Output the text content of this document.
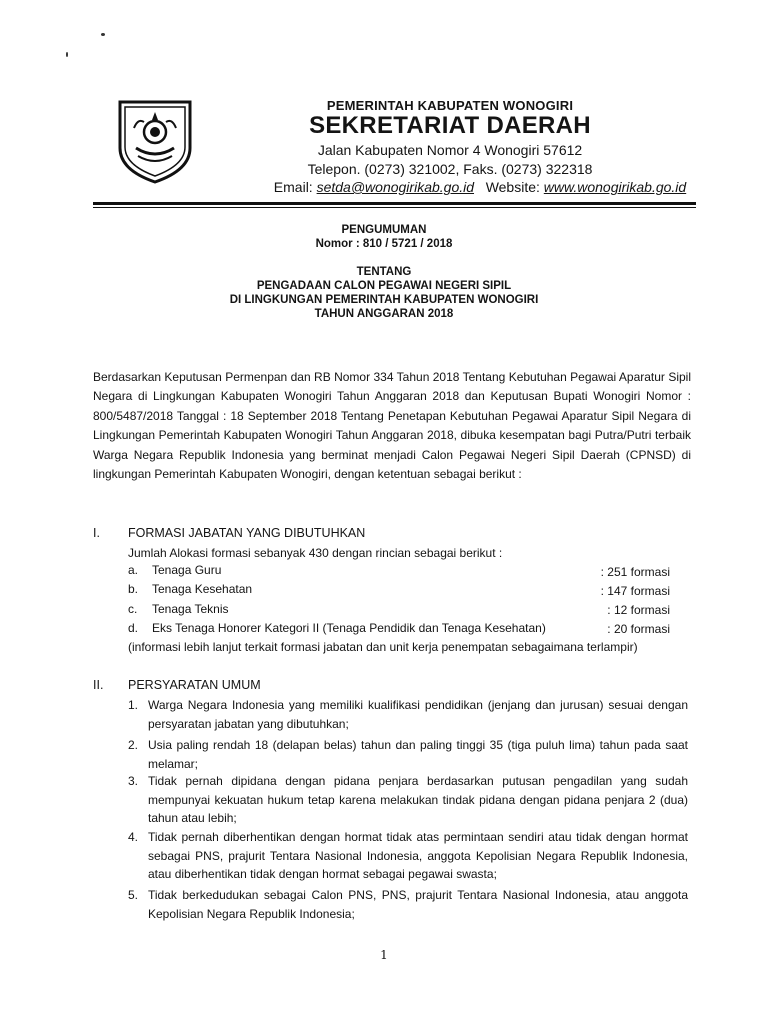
PEMERINTAH KABUPATEN WONOGIRI
SEKRETARIAT DAERAH
Jalan Kabupaten Nomor 4 Wonogiri 57612
Telepon. (0273) 321002, Faks. (0273) 322318
Email: setda@wonogirikab.go.id Website: www.wonogirikab.go.id
PENGUMUMAN
Nomor : 810 / 5721 / 2018
TENTANG
PENGADAAN CALON PEGAWAI NEGERI SIPIL
DI LINGKUNGAN PEMERINTAH KABUPATEN WONOGIRI
TAHUN ANGGARAN 2018
Berdasarkan Keputusan Permenpan dan RB Nomor 334 Tahun 2018 Tentang Kebutuhan Pegawai Aparatur Sipil Negara di Lingkungan Kabupaten Wonogiri Tahun Anggaran 2018 dan Keputusan Bupati Wonogiri Nomor : 800/5487/2018 Tanggal : 18 September 2018 Tentang Penetapan Kebutuhan Pegawai Aparatur Sipil Negara di Lingkungan Pemerintah Kabupaten Wonogiri Tahun Anggaran 2018, dibuka kesempatan bagi Putra/Putri terbaik Warga Negara Republik Indonesia yang berminat menjadi Calon Pegawai Negeri Sipil Daerah (CPNSD) di lingkungan Pemerintah Kabupaten Wonogiri, dengan ketentuan sebagai berikut :
I. FORMASI JABATAN YANG DIBUTUHKAN
Jumlah Alokasi formasi sebanyak 430 dengan rincian sebagai berikut :
a. Tenaga Guru	: 251 formasi
b. Tenaga Kesehatan	: 147 formasi
c. Tenaga Teknis	: 12 formasi
d. Eks Tenaga Honorer Kategori II (Tenaga Pendidik dan Tenaga Kesehatan)	: 20 formasi
(informasi lebih lanjut terkait formasi jabatan dan unit kerja penempatan sebagaimana terlampir)
II. PERSYARATAN UMUM
1. Warga Negara Indonesia yang memiliki kualifikasi pendidikan (jenjang dan jurusan) sesuai dengan persyaratan jabatan yang dibutuhkan;
2. Usia paling rendah 18 (delapan belas) tahun dan paling tinggi 35 (tiga puluh lima) tahun pada saat melamar;
3. Tidak pernah dipidana dengan pidana penjara berdasarkan putusan pengadilan yang sudah mempunyai kekuatan hukum tetap karena melakukan tindak pidana dengan pidana penjara 2 (dua) tahun atau lebih;
4. Tidak pernah diberhentikan dengan hormat tidak atas permintaan sendiri atau tidak dengan hormat sebagai PNS, prajurit Tentara Nasional Indonesia, anggota Kepolisian Negara Republik Indonesia, atau diberhentikan tidak dengan hormat sebagai pegawai swasta;
5. Tidak berkedudukan sebagai Calon PNS, PNS, prajurit Tentara Nasional Indonesia, atau anggota Kepolisian Negara Republik Indonesia;
1
